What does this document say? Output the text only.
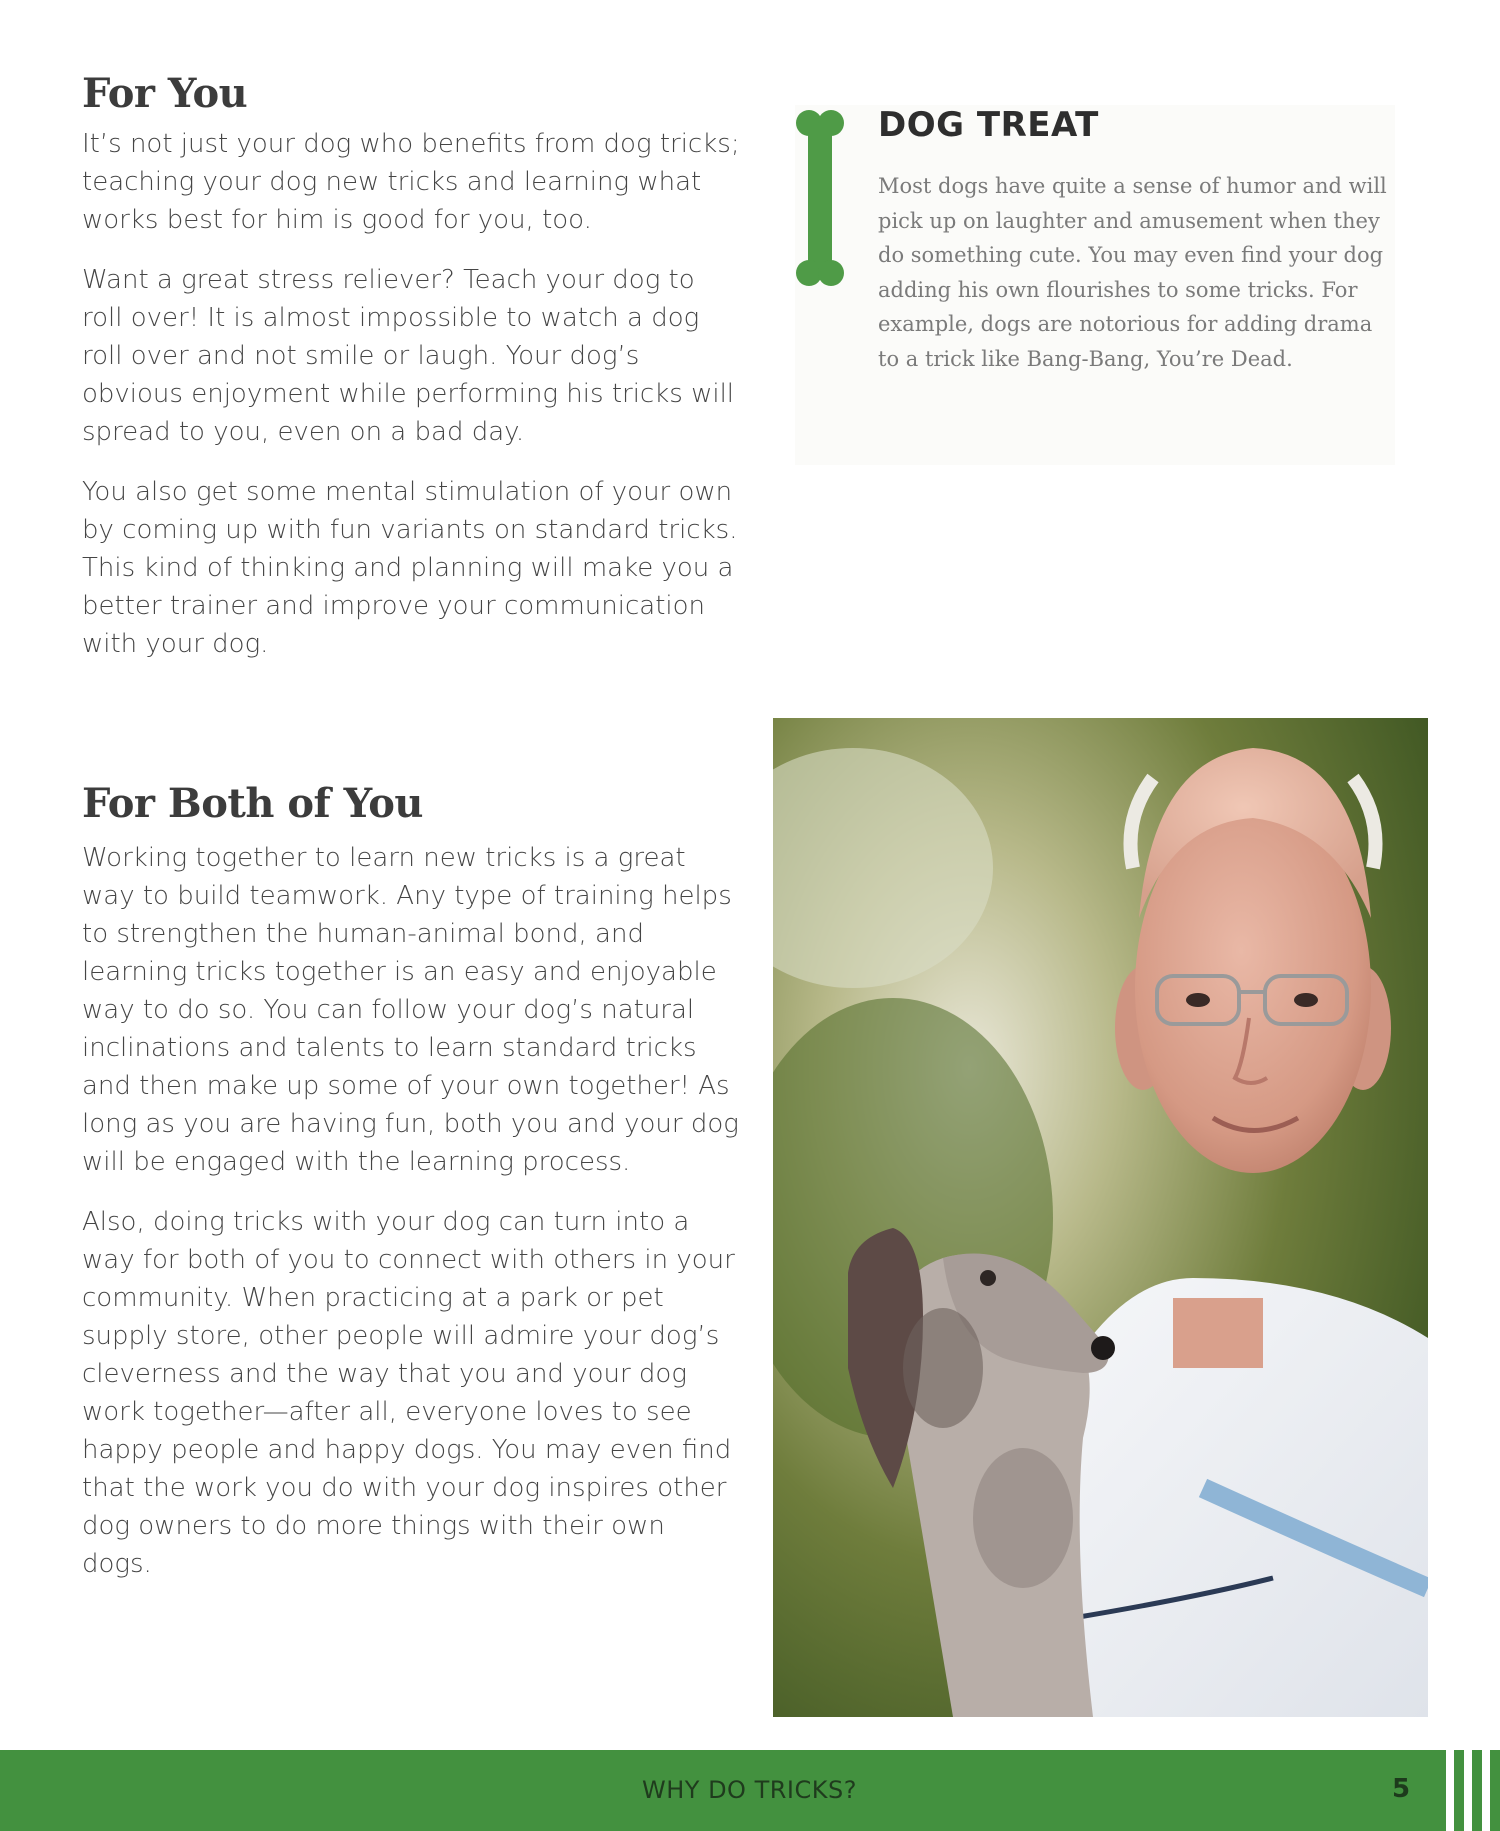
For You

It’s not just your dog who benefits from dog tricks; teaching your dog new tricks and learning what works best for him is good for you, too.

Want a great stress reliever? Teach your dog to roll over! It is almost impossible to watch a dog roll over and not smile or laugh. Your dog’s obvious enjoyment while performing his tricks will spread to you, even on a bad day.

You also get some mental stimulation of your own by coming up with fun variants on standard tricks. This kind of thinking and planning will make you a better trainer and improve your communication with your dog.

For Both of You

Working together to learn new tricks is a great way to build teamwork. Any type of training helps to strengthen the human-animal bond, and learning tricks together is an easy and enjoyable way to do so. You can follow your dog’s natural inclinations and talents to learn standard tricks and then make up some of your own together! As long as you are having fun, both you and your dog will be engaged with the learning process.

Also, doing tricks with your dog can turn into a way for both of you to connect with others in your community. When practicing at a park or pet supply store, other people will admire your dog’s cleverness and the way that you and your dog work together—after all, everyone loves to see happy people and happy dogs. You may even find that the work you do with your dog inspires other dog owners to do more things with their own dogs.

DOG TREAT

Most dogs have quite a sense of humor and will pick up on laughter and amusement when they do something cute. You may even find your dog adding his own flourishes to some tricks. For example, dogs are notorious for adding drama to a trick like Bang-Bang, You’re Dead.

WHY DO TRICKS?	5
